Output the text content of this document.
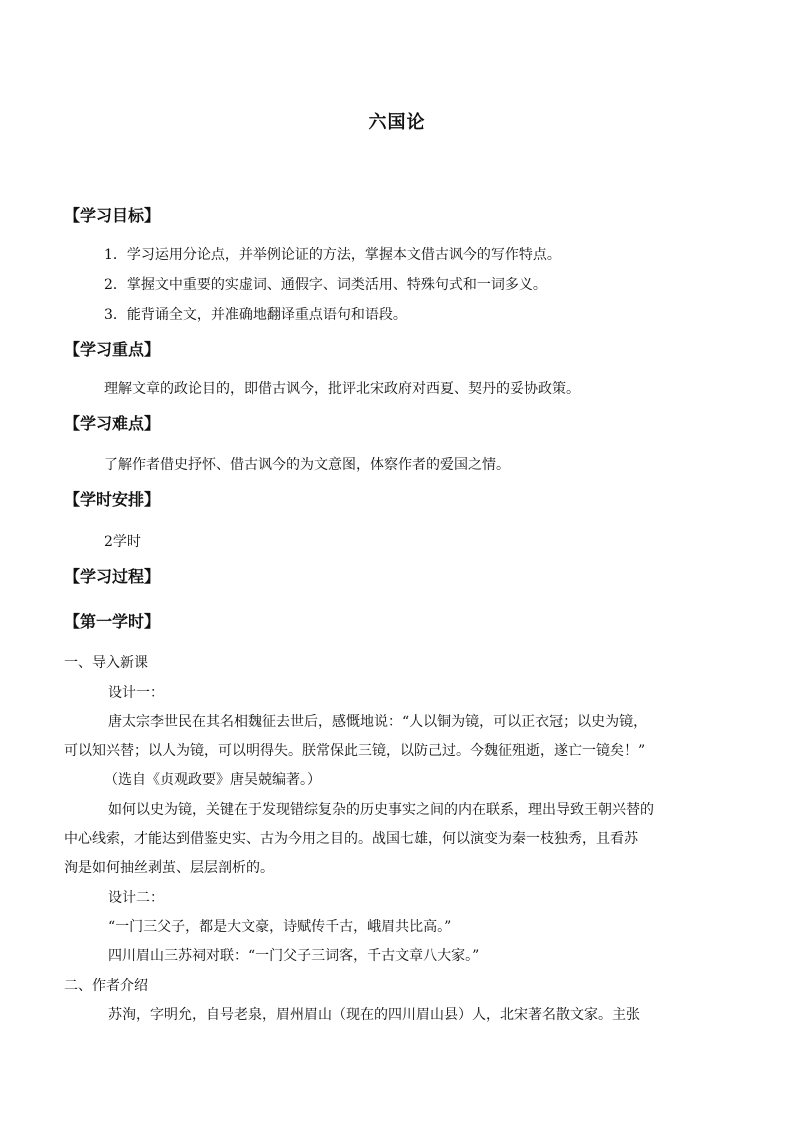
六国论
【学习目标】
1．学习运用分论点，并举例论证的方法，掌握本文借古讽今的写作特点。
2．掌握文中重要的实虚词、通假字、词类活用、特殊句式和一词多义。
3．能背诵全文，并准确地翻译重点语句和语段。
【学习重点】
理解文章的政论目的，即借古讽今，批评北宋政府对西夏、契丹的妥协政策。
【学习难点】
了解作者借史抒怀、借古讽今的为文意图，体察作者的爱国之情。
【学时安排】
2学时
【学习过程】
【第一学时】
一、导入新课
设计一：
唐太宗李世民在其名相魏征去世后，感慨地说：“人以铜为镜，可以正衣冠；以史为镜，
可以知兴替；以人为镜，可以明得失。朕常保此三镜，以防己过。今魏征殂逝，遂亡一镜矣！”
（选自《贞观政要》唐吴兢编著。）
如何以史为镜，关键在于发现错综复杂的历史事实之间的内在联系，理出导致王朝兴替的
中心线索，才能达到借鉴史实、古为今用之目的。战国七雄，何以演变为秦一枝独秀，且看苏
洵是如何抽丝剥茧、层层剖析的。
设计二：
“一门三父子，都是大文豪，诗赋传千古，峨眉共比高。”
四川眉山三苏祠对联：“一门父子三词客，千古文章八大家。”
二、作者介绍
苏洵，字明允，自号老泉，眉州眉山（现在的四川眉山县）人，北宋著名散文家。主张
